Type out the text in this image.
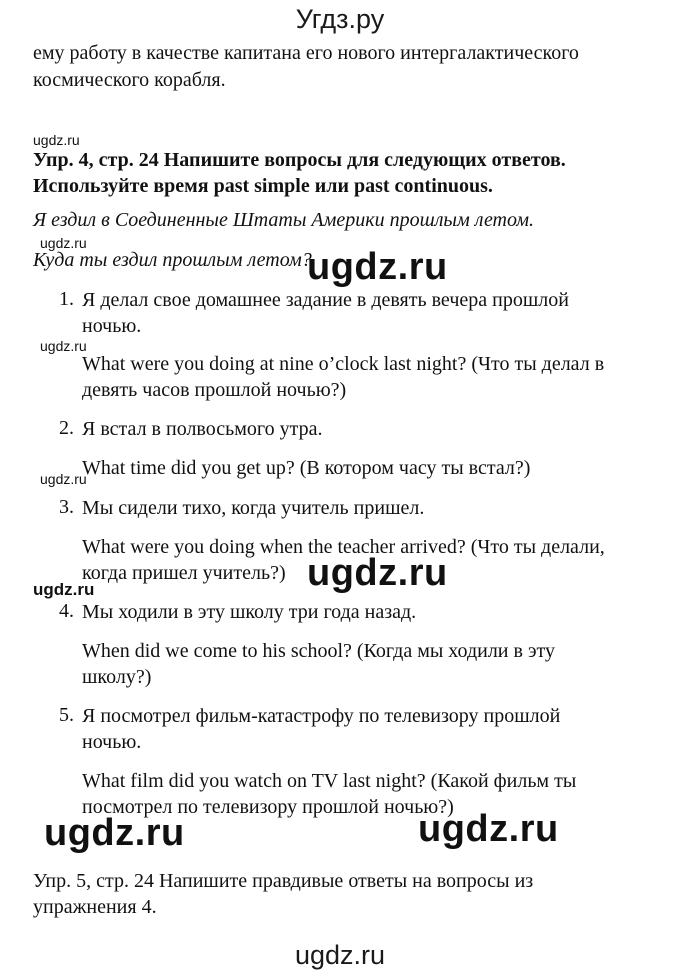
Угдз.ру
ему работу в качестве капитана его нового интергалактического
космического корабля.
ugdz.ru
Упр. 4, стр. 24 Напишите вопросы для следующих ответов.
Используйте время past simple или past continuous.
Я ездил в Соединенные Штаты Америки прошлым летом.
ugdz.ru
Куда ты ездил прошлым летом?
ugdz.ru
1. Я делал свое домашнее задание в девять вечера прошлой
ночью.
ugdz.ru
What were you doing at nine o’clock last night? (Что ты делал в
девять часов прошлой ночью?)
2. Я встал в полвосьмого утра.
ugdz.ru
What time did you get up? (В котором часу ты встал?)
3. Мы сидели тихо, когда учитель пришел.
What were you doing when the teacher arrived? (Что ты делали,
когда пришел учитель?) ugdz.ru
ugdz.ru
4. Мы ходили в эту школу три года назад.
When did we come to his school? (Когда мы ходили в эту
школу?)
5. Я посмотрел фильм-катастрофу по телевизору прошлой
ночью.
What film did you watch on TV last night? (Какой фильм ты
посмотрел по телевизору прошлой ночью?)
ugdz.ru	ugdz.ru
Упр. 5, стр. 24 Напишите правдивые ответы на вопросы из
упражнения 4.
ugdz.ru
